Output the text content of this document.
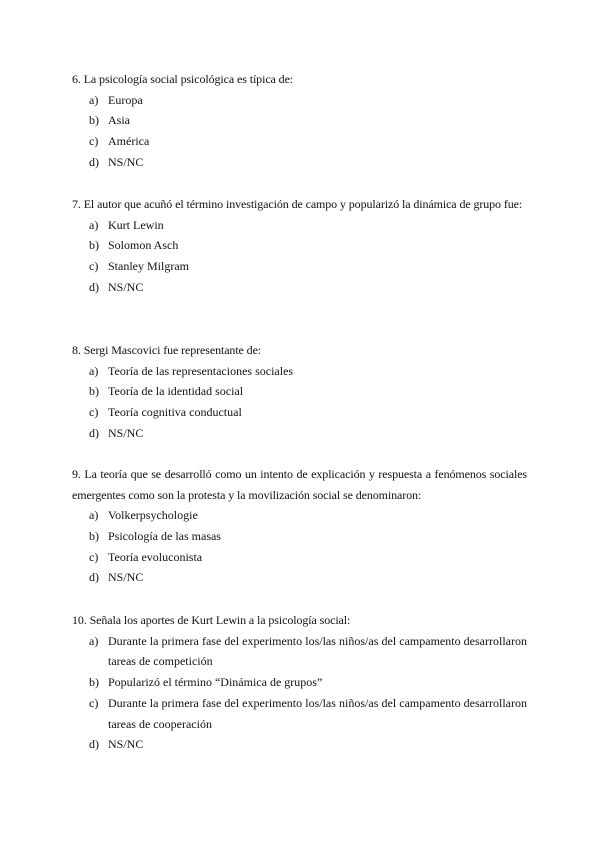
6. La psicología social psicológica es típica de:

a) Europa
b) Asia
c) América
d) NS/NC

7. El autor que acuñó el término investigación de campo y popularizó la dinámica de grupo fue:

a) Kurt Lewin
b) Solomon Asch
c) Stanley Milgram
d) NS/NC

8. Sergi Mascovici fue representante de:

a) Teoría de las representaciones sociales
b) Teoría de la identidad social
c) Teoría cognitiva conductual
d) NS/NC

9. La teoría que se desarrolló como un intento de explicación y respuesta a fenómenos sociales emergentes como son la protesta y la movilización social se denominaron:

a) Volkerpsychologie
b) Psicología de las masas
c) Teoría evoluconista
d) NS/NC

10. Señala los aportes de Kurt Lewin a la psicología social:

a) Durante la primera fase del experimento los/las niños/as del campamento desarrollaron tareas de competición
b) Popularizó el término “Dinámica de grupos”
c) Durante la primera fase del experimento los/las niños/as del campamento desarrollaron tareas de cooperación
d) NS/NC
